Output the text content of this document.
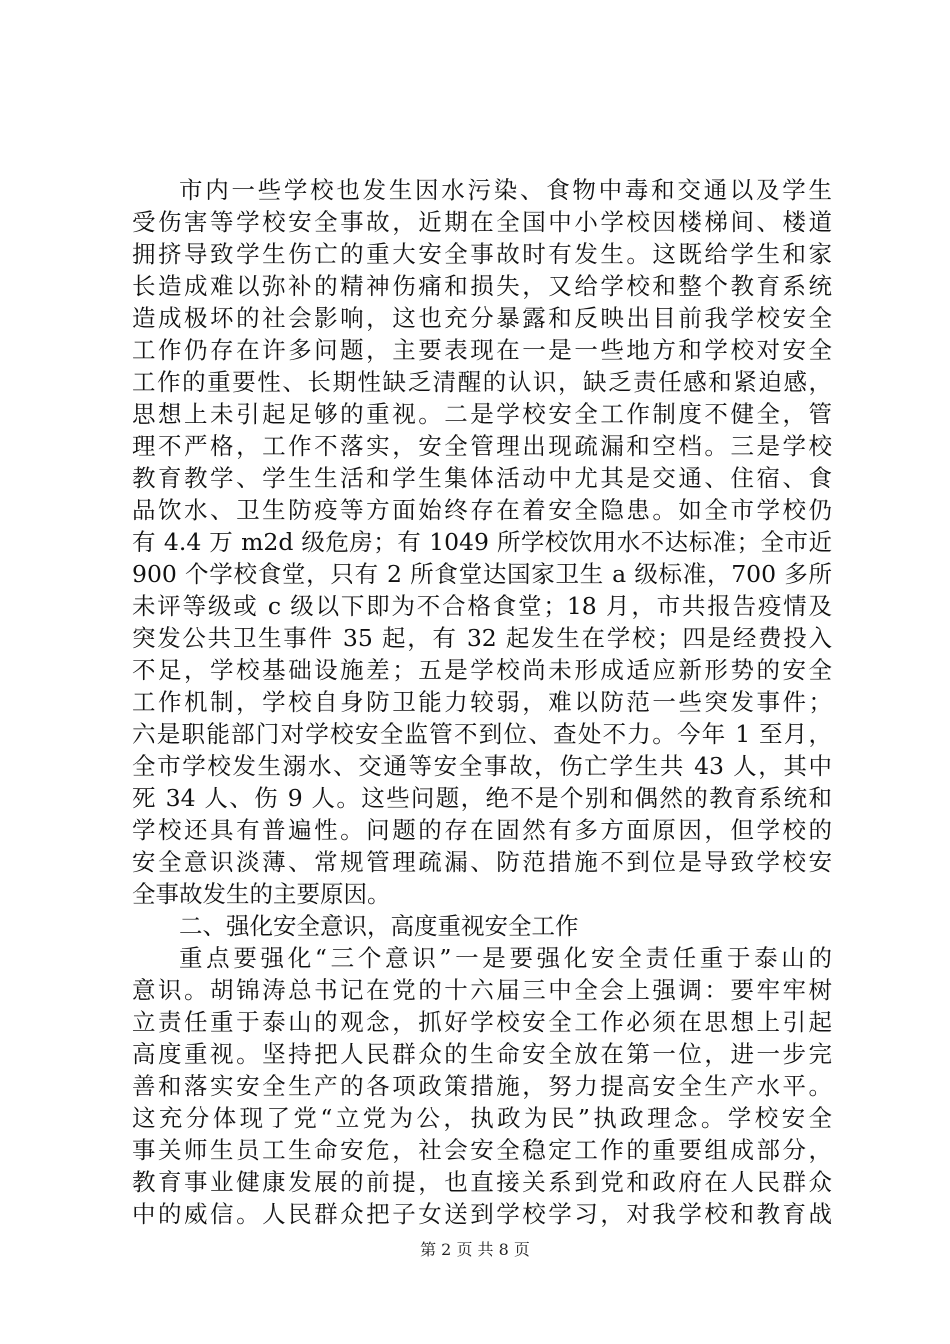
市内一些学校也发生因水污染、食物中毒和交通以及学生
受伤害等学校安全事故，近期在全国中小学校因楼梯间、楼道
拥挤导致学生伤亡的重大安全事故时有发生。这既给学生和家
长造成难以弥补的精神伤痛和损失，又给学校和整个教育系统
造成极坏的社会影响，这也充分暴露和反映出目前我学校安全
工作仍存在许多问题，主要表现在一是一些地方和学校对安全
工作的重要性、长期性缺乏清醒的认识，缺乏责任感和紧迫感，
思想上未引起足够的重视。二是学校安全工作制度不健全，管
理不严格，工作不落实，安全管理出现疏漏和空档。三是学校
教育教学、学生生活和学生集体活动中尤其是交通、住宿、食
品饮水、卫生防疫等方面始终存在着安全隐患。如全市学校仍
有 4.4 万 m2d 级危房；有 1049 所学校饮用水不达标准；全市近
900 个学校食堂，只有 2 所食堂达国家卫生 a 级标准，700 多所
未评等级或 c 级以下即为不合格食堂；18 月，市共报告疫情及
突发公共卫生事件 35 起，有 32 起发生在学校；四是经费投入
不足，学校基础设施差；五是学校尚未形成适应新形势的安全
工作机制，学校自身防卫能力较弱，难以防范一些突发事件；
六是职能部门对学校安全监管不到位、查处不力。今年 1 至月，
全市学校发生溺水、交通等安全事故，伤亡学生共 43 人，其中
死 34 人、伤 9 人。这些问题，绝不是个别和偶然的教育系统和
学校还具有普遍性。问题的存在固然有多方面原因，但学校的
安全意识淡薄、常规管理疏漏、防范措施不到位是导致学校安
全事故发生的主要原因。
二、强化安全意识，高度重视安全工作
重点要强化“三个意识”一是要强化安全责任重于泰山的
意识。胡锦涛总书记在党的十六届三中全会上强调：要牢牢树
立责任重于泰山的观念，抓好学校安全工作必须在思想上引起
高度重视。坚持把人民群众的生命安全放在第一位，进一步完
善和落实安全生产的各项政策措施，努力提高安全生产水平。
这充分体现了党“立党为公，执政为民”执政理念。学校安全
事关师生员工生命安危，社会安全稳定工作的重要组成部分，
教育事业健康发展的前提，也直接关系到党和政府在人民群众
中的威信。人民群众把子女送到学校学习，对我学校和教育战
第 2 页 共 8 页
